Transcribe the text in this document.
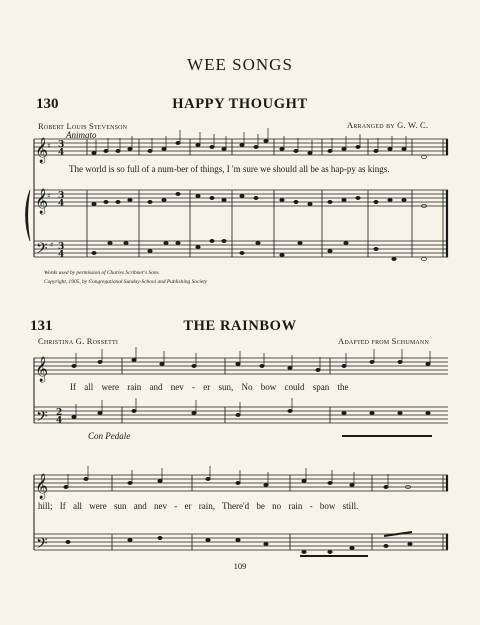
WEE SONGS
130	HAPPY THOUGHT
Robert Louis Stevenson	Arranged by G. W. C.
Animato
The world is so full of a num-ber of things, I 'm sure we should all be as hap-py as kings.
Words used by permission of Charles Scribner's Sons
Copyright, 1905, by Congregational Sunday-School and Publishing Society
131	THE RAINBOW
Christina G. Rossetti	Adapted from Schumann
If all were rain and nev - er sun, No bow could span the
Con Pedale
hill; If all were sun and nev - er rain, There'd be no rain - bow still.
109
𝄞
𝄞
𝄢
3
4
3
4
3
4
♯
♯
♯
𝄞
𝄢 2
4
𝄞
𝄢
